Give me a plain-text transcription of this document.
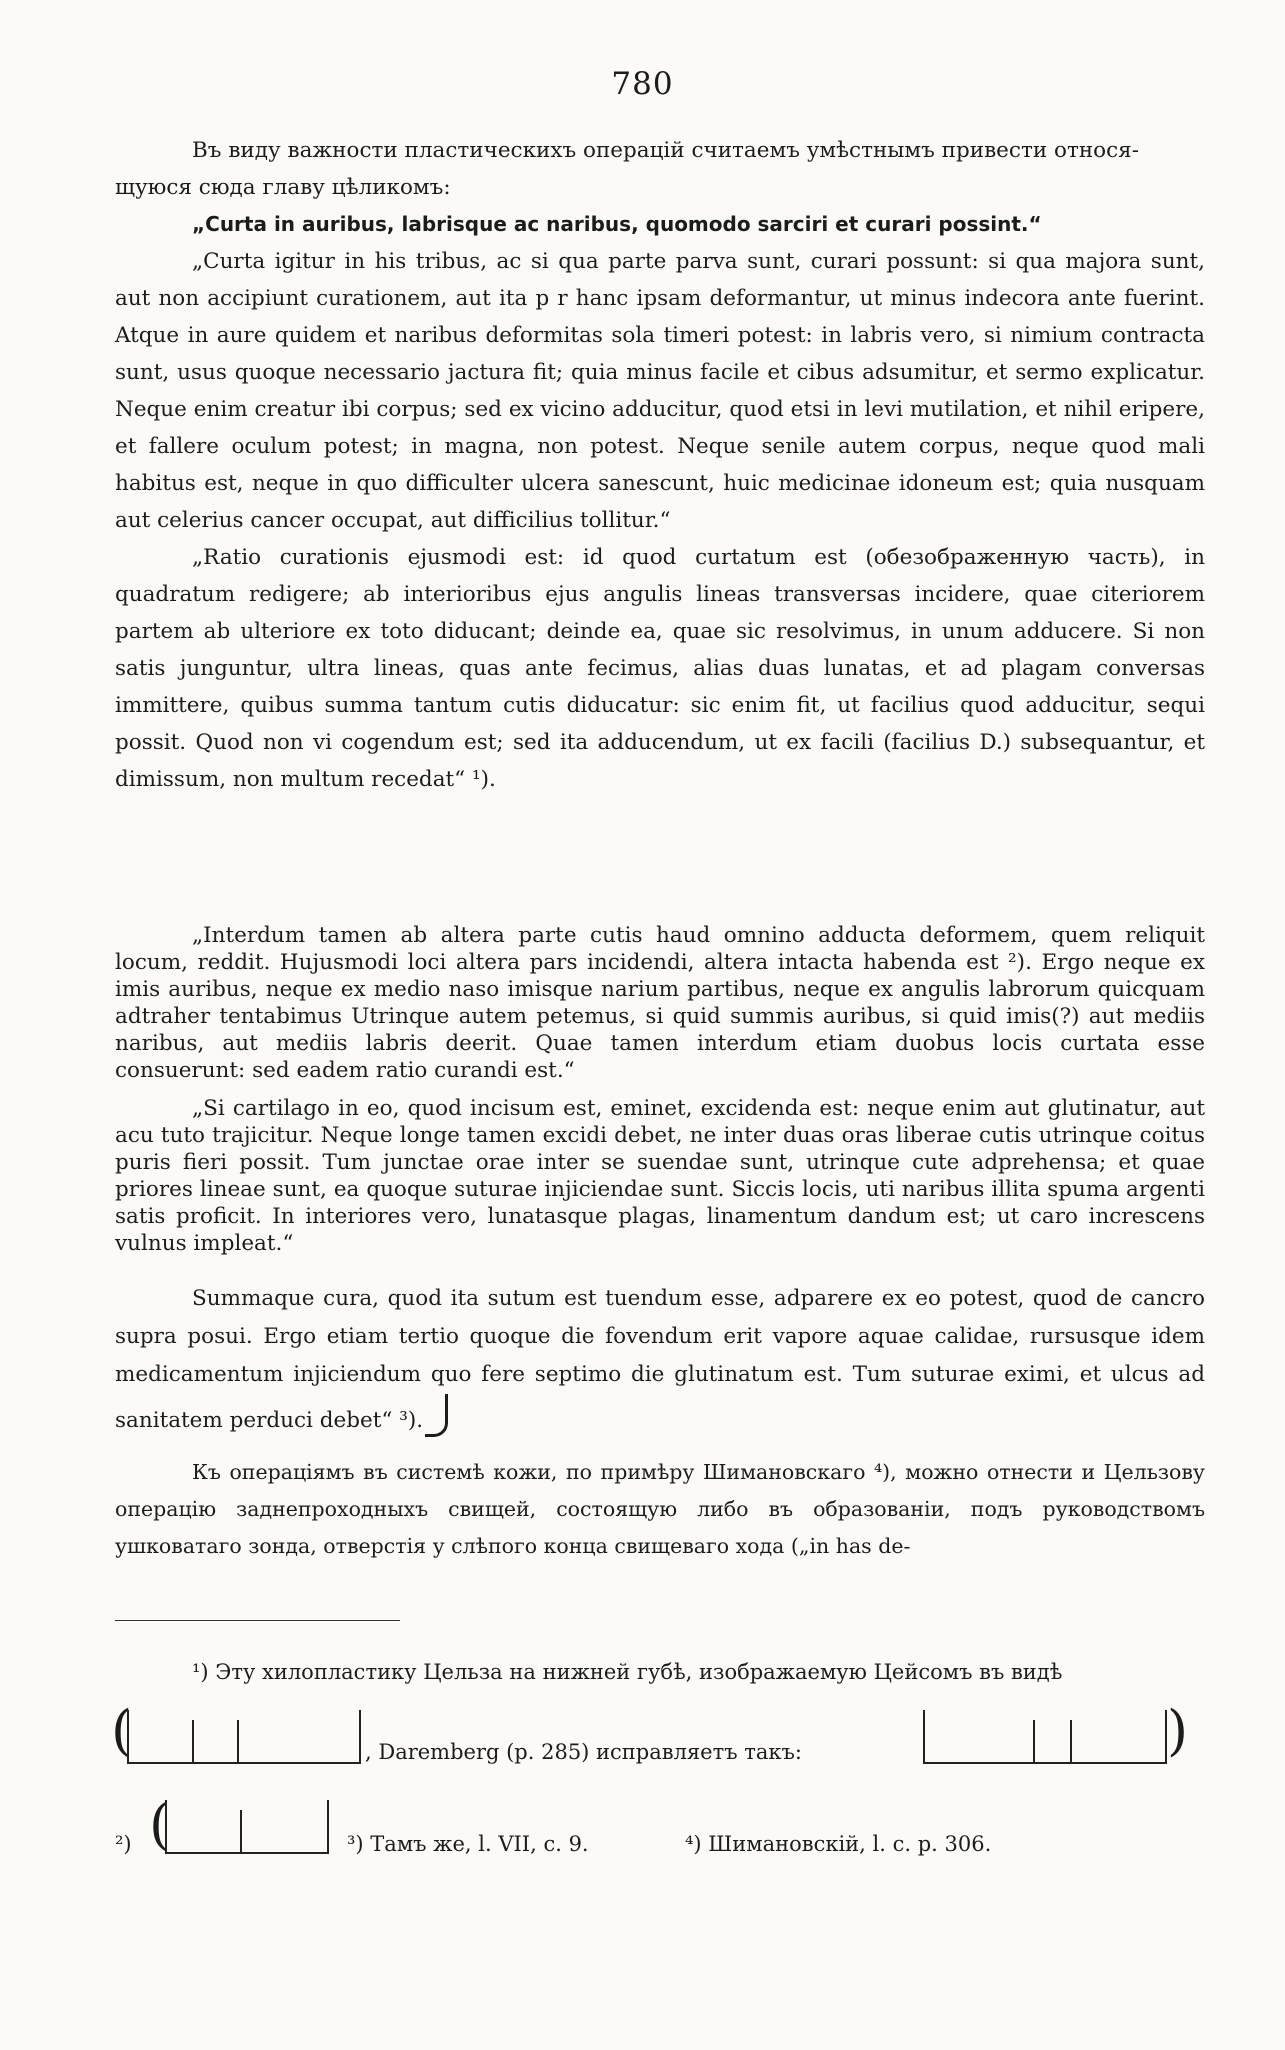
780

Въ виду важности пластическихъ операцій считаемъ умѣстнымъ привести относя-

щуюся сюда главу цѣликомъ:

„Curta in auribus, labrisque ac naribus, quomodo sarciri et curari possint.“

„Curta igitur in his tribus, ac si qua parte parva sunt, curari possunt: si qua majora sunt, aut non accipiunt curationem, aut ita p r hanc ipsam deformantur, ut minus indecora ante fuerint. Atque in aure quidem et naribus deformitas sola timeri potest: in labris vero, si nimium contracta sunt, usus quoque necessario jactura fit; quia minus facile et cibus adsumitur, et sermo explicatur. Neque enim creatur ibi corpus; sed ex vicino adducitur, quod etsi in levi mutilation, et nihil eripere, et fallere oculum potest; in magna, non potest. Neque senile autem corpus, neque quod mali habitus est, neque in quo difficulter ulcera sanescunt, huic medicinae idoneum est; quia nusquam aut celerius cancer occupat, aut difficilius tollitur.“

„Ratio curationis ejusmodi est: id quod curtatum est (обезображенную часть), in quadratum redigere; ab interioribus ejus angulis lineas transversas incidere, quae citeriorem partem ab ulteriore ex toto diducant; deinde ea, quae sic resolvimus, in unum adducere. Si non satis junguntur, ultra lineas, quas ante fecimus, alias duas lunatas, et ad plagam conversas immittere, quibus summa tantum cutis diducatur: sic enim fit, ut facilius quod adducitur, sequi possit. Quod non vi cogendum est; sed ita adducendum, ut ex facili (facilius D.) subsequantur, et dimissum, non multum recedat“ ¹).

„Interdum tamen ab altera parte cutis haud omnino adducta deformem, quem reliquit locum, reddit. Hujusmodi loci altera pars incidendi, altera intacta habenda est ²). Ergo neque ex imis auribus, neque ex medio naso imisque narium partibus, neque ex angulis labrorum quicquam adtraher tentabimus Utrinque autem petemus, si quid summis auribus, si quid imis(?) aut mediis naribus, aut mediis labris deerit. Quae tamen interdum etiam duobus locis curtata esse consuerunt: sed eadem ratio curandi est.“

„Si cartilago in eo, quod incisum est, eminet, excidenda est: neque enim aut glutinatur, aut acu tuto trajicitur. Neque longe tamen excidi debet, ne inter duas oras liberae cutis utrinque coitus puris fieri possit. Tum junctae orae inter se suendae sunt, utrinque cute adprehensa; et quae priores lineae sunt, ea quoque suturae injiciendae sunt. Siccis locis, uti naribus illita spuma argenti satis proficit. In interiores vero, lunatasque plagas, linamentum dandum est; ut caro increscens vulnus impleat.“

Summaque cura, quod ita sutum est tuendum esse, adparere ex eo potest, quod de cancro supra posui. Ergo etiam tertio quoque die fovendum erit vapore aquae calidae, rursusque idem medicamentum injiciendum quo fere septimo die glutinatum est. Tum suturae eximi, et ulcus ad sanitatem perduci debet“ ³).

Къ операціямъ въ системѣ кожи, по примѣру Шимановскаго ⁴), можно отнести и Цельзову операцію заднепроходныхъ свищей, состоящую либо въ образованіи, подъ руководствомъ ушковатаго зонда, отверстія у слѣпого конца свищеваго хода („in has de-

¹) Эту хилопластику Цельза на нижней губѣ, изображаемую Цейсомъ въ видѣ
(	, Daremberg (p. 285) исправляетъ такъ:	)
²) (	³) Тамъ же, l. VII, c. 9.	⁴) Шимановскій, l. c. p. 306.
